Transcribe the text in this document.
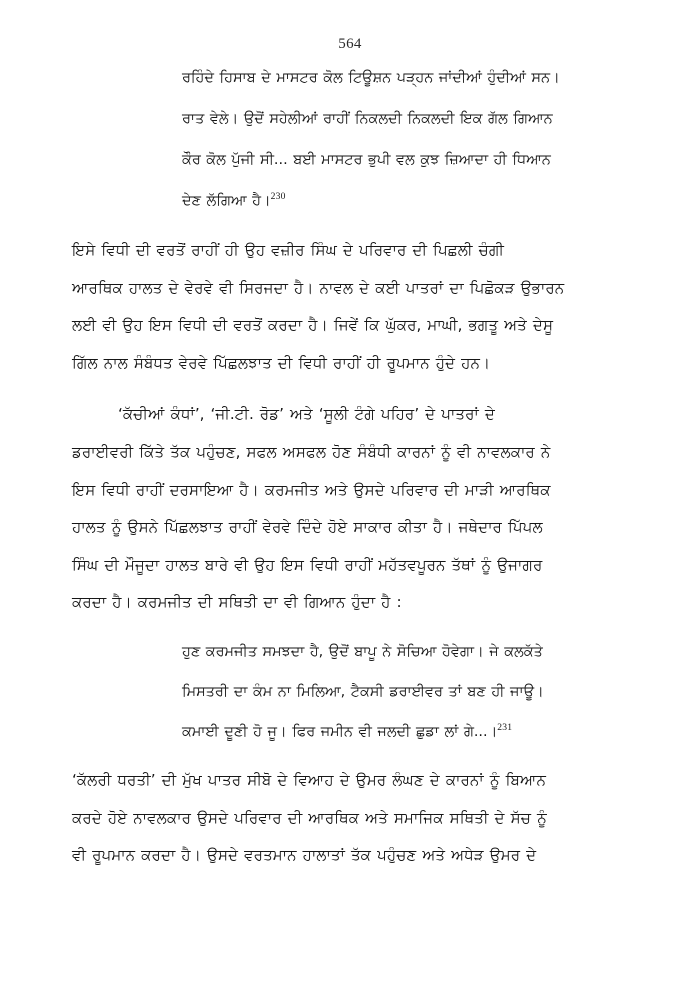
564
ਰਹਿੰਦੇ ਹਿਸਾਬ ਦੇ ਮਾਸਟਰ ਕੋਲ ਟਿਊਸ਼ਨ ਪੜ੍ਹਨ ਜਾਂਦੀਆਂ ਹੁੰਦੀਆਂ ਸਨ।
ਰਾਤ ਵੇਲੇ। ਉਦੋਂ ਸਹੇਲੀਆਂ ਰਾਹੀਂ ਨਿਕਲਦੀ ਨਿਕਲਦੀ ਇਕ ਗੱਲ ਗਿਆਨ
ਕੌਰ ਕੋਲ ਪੁੱਜੀ ਸੀ... ਬਈ ਮਾਸਟਰ ਭੁਪੀ ਵਲ ਕੁਝ ਜ਼ਿਆਦਾ ਹੀ ਧਿਆਨ
ਦੇਣ ਲੱਗਿਆ ਹੈ।$^{230}$

ਇਸੇ ਵਿਧੀ ਦੀ ਵਰਤੋਂ ਰਾਹੀਂ ਹੀ ਉਹ ਵਜ਼ੀਰ ਸਿੰਘ ਦੇ ਪਰਿਵਾਰ ਦੀ ਪਿਛਲੀ ਚੰਗੀ
ਆਰਥਿਕ ਹਾਲਤ ਦੇ ਵੇਰਵੇ ਵੀ ਸਿਰਜਦਾ ਹੈ। ਨਾਵਲ ਦੇ ਕਈ ਪਾਤਰਾਂ ਦਾ ਪਿਛੋਕੜ ਉਭਾਰਨ
ਲਈ ਵੀ ਉਹ ਇਸ ਵਿਧੀ ਦੀ ਵਰਤੋਂ ਕਰਦਾ ਹੈ। ਜਿਵੇਂ ਕਿ ਘੁੱਕਰ, ਮਾਘੀ, ਭਗਤੂ ਅਤੇ ਦੇਸੂ
ਗਿੱਲ ਨਾਲ ਸੰਬੰਧਤ ਵੇਰਵੇ ਪਿੱਛਲਝਾਤ ਦੀ ਵਿਧੀ ਰਾਹੀਂ ਹੀ ਰੂਪਮਾਨ ਹੁੰਦੇ ਹਨ।

‘ਕੱਚੀਆਂ ਕੰਧਾਂ’, ‘ਜੀ.ਟੀ. ਰੋਡ’ ਅਤੇ ‘ਸੂਲੀ ਟੰਗੇ ਪਹਿਰ’ ਦੇ ਪਾਤਰਾਂ ਦੇ
ਡਰਾਈਵਰੀ ਕਿੱਤੇ ਤੱਕ ਪਹੁੰਚਣ, ਸਫਲ ਅਸਫਲ ਹੋਣ ਸੰਬੰਧੀ ਕਾਰਨਾਂ ਨੂੰ ਵੀ ਨਾਵਲਕਾਰ ਨੇ
ਇਸ ਵਿਧੀ ਰਾਹੀਂ ਦਰਸਾਇਆ ਹੈ। ਕਰਮਜੀਤ ਅਤੇ ਉਸਦੇ ਪਰਿਵਾਰ ਦੀ ਮਾੜੀ ਆਰਥਿਕ
ਹਾਲਤ ਨੂੰ ਉਸਨੇ ਪਿੱਛਲਝਾਤ ਰਾਹੀਂ ਵੇਰਵੇ ਦਿੰਦੇ ਹੋਏ ਸਾਕਾਰ ਕੀਤਾ ਹੈ। ਜਥੇਦਾਰ ਪਿੱਪਲ
ਸਿੰਘ ਦੀ ਮੌਜੂਦਾ ਹਾਲਤ ਬਾਰੇ ਵੀ ਉਹ ਇਸ ਵਿਧੀ ਰਾਹੀਂ ਮਹੱਤਵਪੂਰਨ ਤੱਥਾਂ ਨੂੰ ਉਜਾਗਰ
ਕਰਦਾ ਹੈ। ਕਰਮਜੀਤ ਦੀ ਸਥਿਤੀ ਦਾ ਵੀ ਗਿਆਨ ਹੁੰਦਾ ਹੈ :

ਹੁਣ ਕਰਮਜੀਤ ਸਮਝਦਾ ਹੈ, ਉਦੋਂ ਬਾਪੂ ਨੇ ਸੋਚਿਆ ਹੋਵੇਗਾ। ਜੇ ਕਲਕੱਤੇ
ਮਿਸਤਰੀ ਦਾ ਕੰਮ ਨਾ ਮਿਲਿਆ, ਟੈਕਸੀ ਡਰਾਈਵਰ ਤਾਂ ਬਣ ਹੀ ਜਾਊ।
ਕਮਾਈ ਦੂਣੀ ਹੋ ਜੂ। ਫਿਰ ਜਮੀਨ ਵੀ ਜਲਦੀ ਛੁਡਾ ਲਾਂ ਗੇ...।$^{231}$

‘ਕੱਲਰੀ ਧਰਤੀ’ ਦੀ ਮੁੱਖ ਪਾਤਰ ਸੀਬੋ ਦੇ ਵਿਆਹ ਦੇ ਉਮਰ ਲੰਘਣ ਦੇ ਕਾਰਨਾਂ ਨੂੰ ਬਿਆਨ
ਕਰਦੇ ਹੋਏ ਨਾਵਲਕਾਰ ਉਸਦੇ ਪਰਿਵਾਰ ਦੀ ਆਰਥਿਕ ਅਤੇ ਸਮਾਜਿਕ ਸਥਿਤੀ ਦੇ ਸੱਚ ਨੂੰ
ਵੀ ਰੂਪਮਾਨ ਕਰਦਾ ਹੈ। ਉਸਦੇ ਵਰਤਮਾਨ ਹਾਲਾਤਾਂ ਤੱਕ ਪਹੁੰਚਣ ਅਤੇ ਅਧੇੜ ਉਮਰ ਦੇ
